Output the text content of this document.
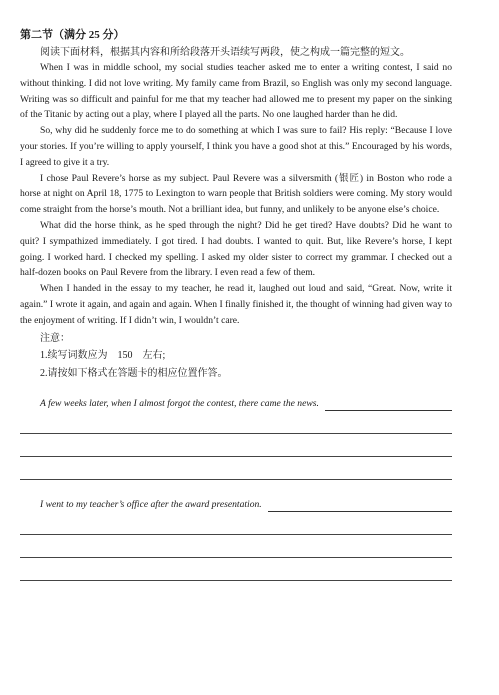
第二节（满分 25 分）

阅读下面材料，根据其内容和所给段落开头语续写两段，使之构成一篇完整的短文。

When I was in middle school, my social studies teacher asked me to enter a writing contest, I said no without thinking. I did not love writing. My family came from Brazil, so English was only my second language. Writing was so difficult and painful for me that my teacher had allowed me to present my paper on the sinking of the Titanic by acting out a play, where I played all the parts. No one laughed harder than he did.

So, why did he suddenly force me to do something at which I was sure to fail? His reply: “Because I love your stories. If you’re willing to apply yourself, I think you have a good shot at this.” Encouraged by his words, I agreed to give it a try.

I chose Paul Revere’s horse as my subject. Paul Revere was a silversmith (银匠) in Boston who rode a horse at night on April 18, 1775 to Lexington to warn people that British soldiers were coming. My story would come straight from the horse’s mouth. Not a brilliant idea, but funny, and unlikely to be anyone else’s choice.

What did the horse think, as he sped through the night? Did he get tired? Have doubts? Did he want to quit? I sympathized immediately. I got tired. I had doubts. I wanted to quit. But, like Revere’s horse, I kept going. I worked hard. I checked my spelling. I asked my older sister to correct my grammar. I checked out a half-dozen books on Paul Revere from the library. I even read a few of them.

When I handed in the essay to my teacher, he read it, laughed out loud and said, “Great. Now, write it again.” I wrote it again, and again and again. When I finally finished it, the thought of winning had given way to the enjoyment of writing. If I didn’t win, I wouldn’t care.

注意：
1.续写词数应为　150　左右;
2.请按如下格式在答题卡的相应位置作答。
A few weeks later, when I almost forgot the contest, there came the news.
I went to my teacher’s office after the award presentation.
